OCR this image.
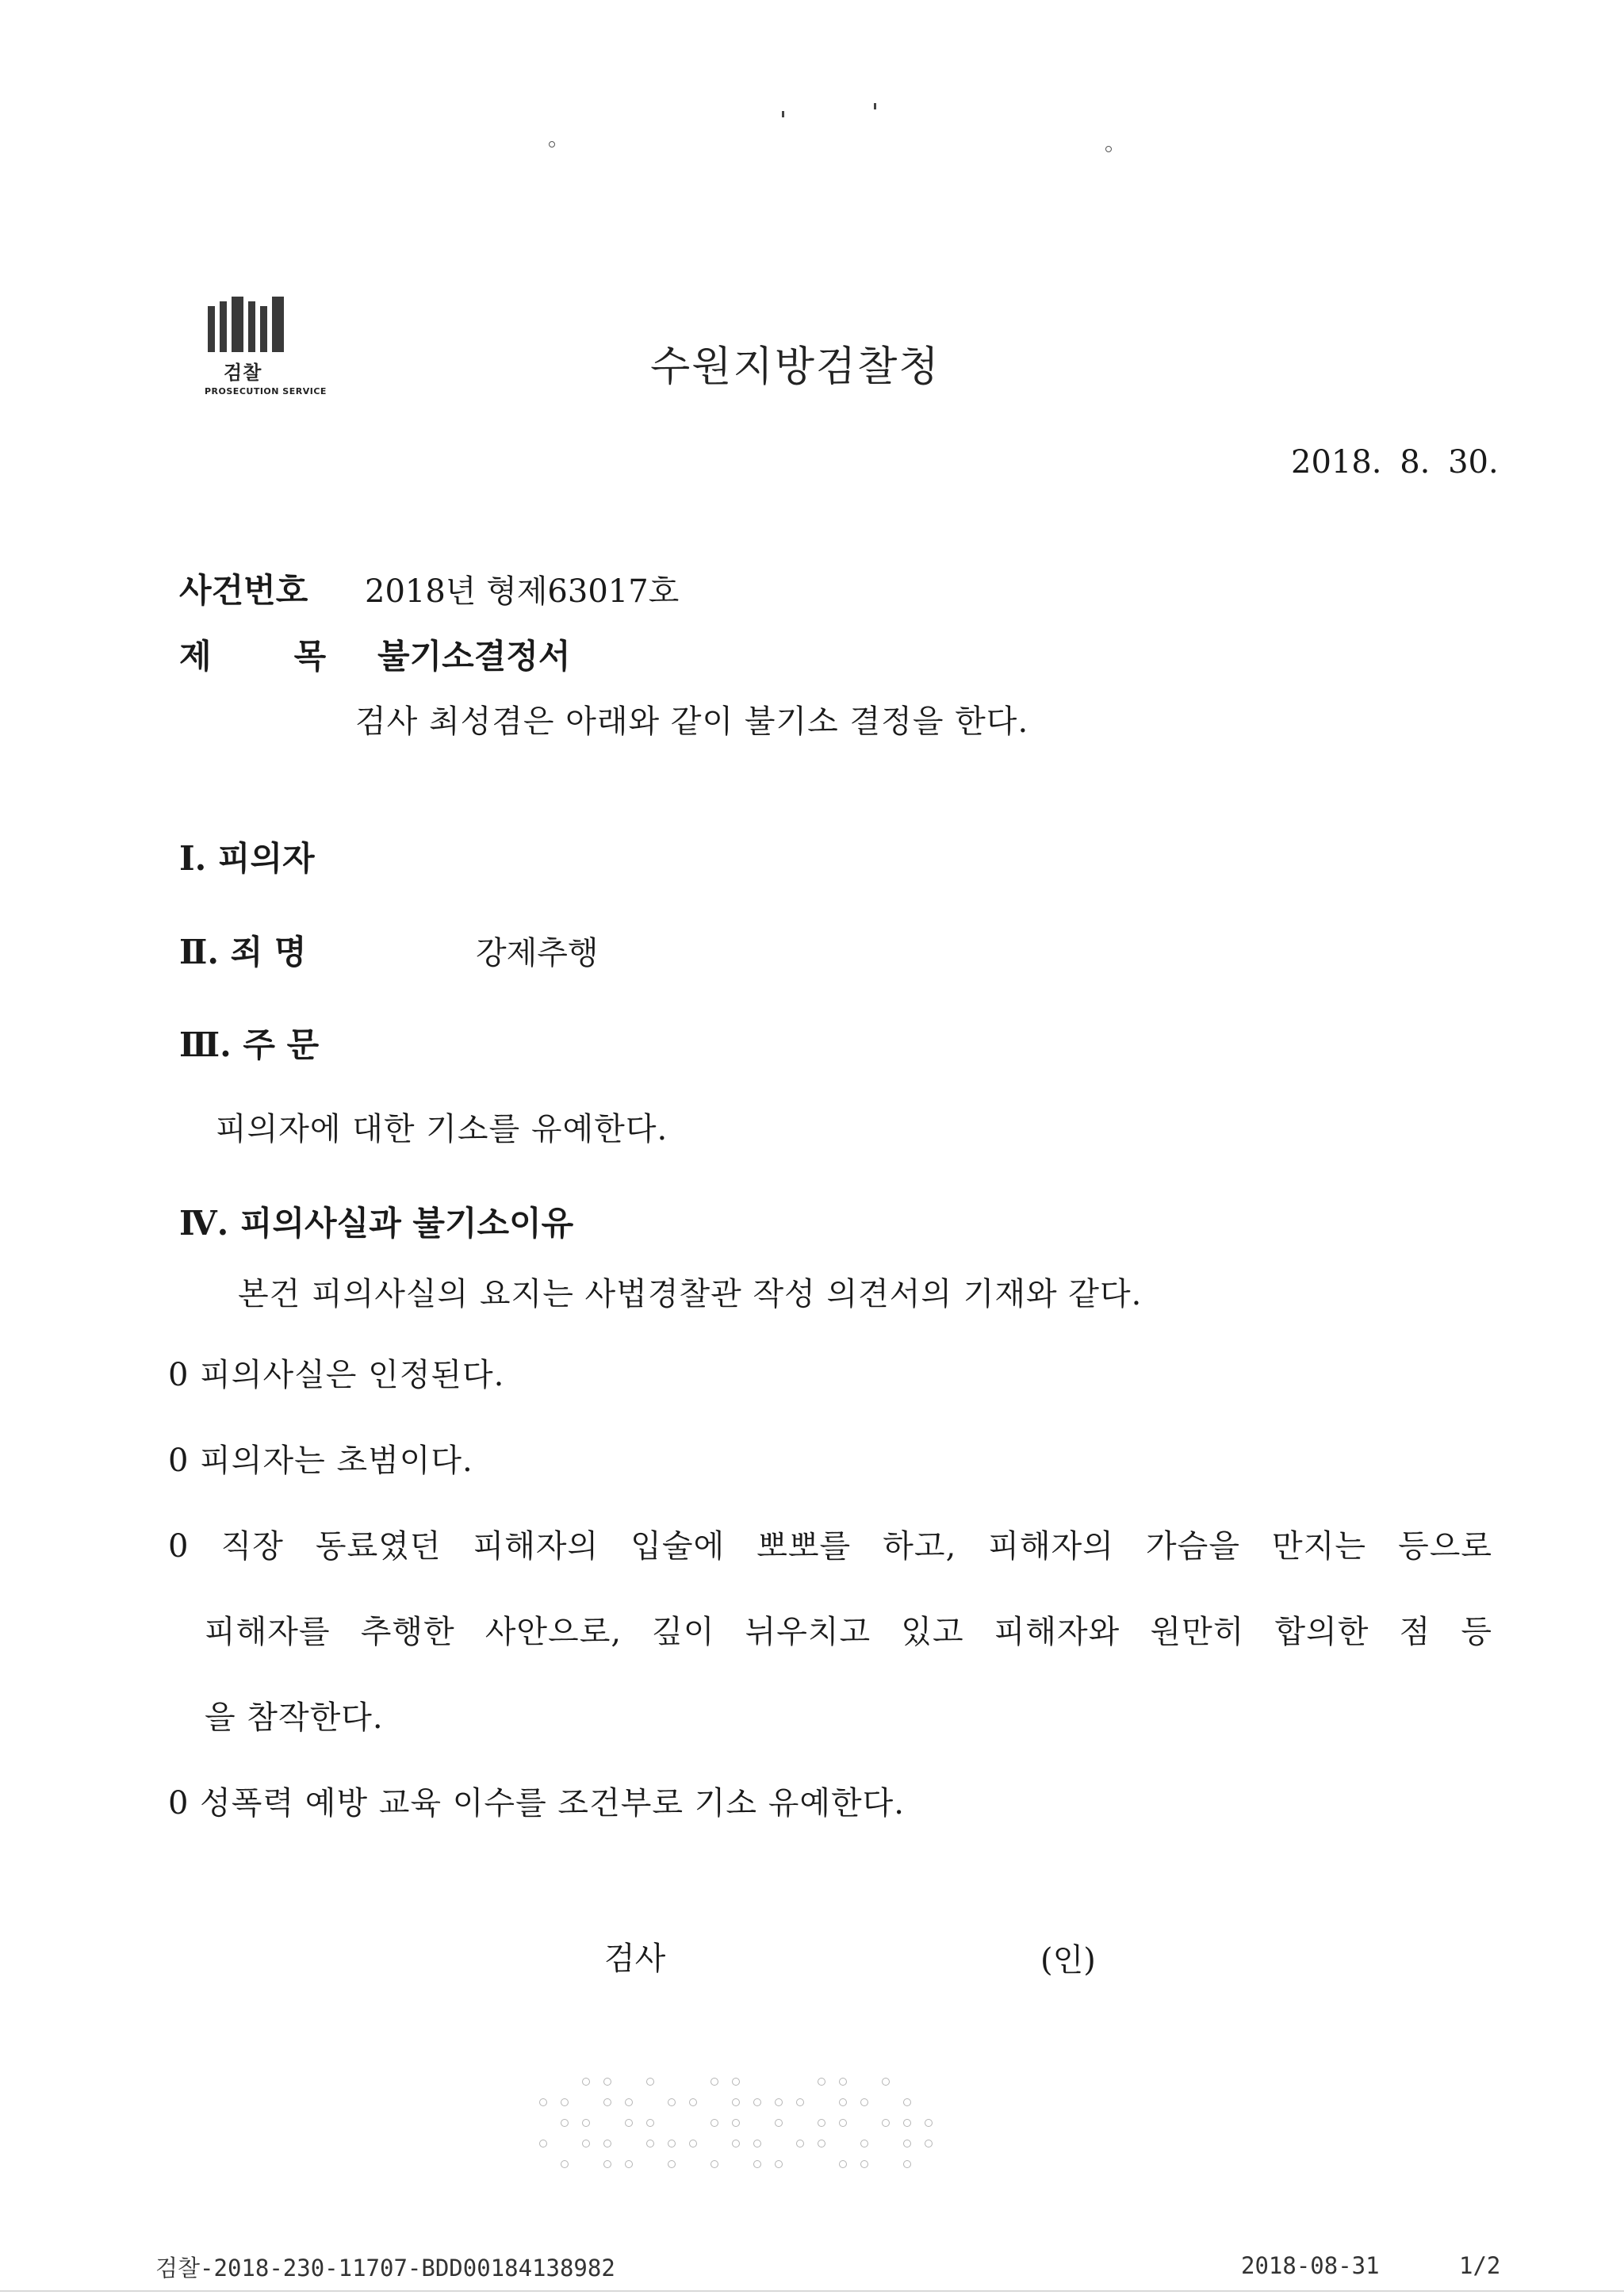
검찰
PROSECUTION SERVICE
수원지방검찰청
2018. 8. 30.
사건번호 2018년 형제63017호
제 목 불기소결정서
검사 최성겸은 아래와 같이 불기소 결정을 한다.
Ⅰ. 피의자
Ⅱ. 죄 명	강제추행
Ⅲ. 주 문
피의자에 대한 기소를 유예한다.
Ⅳ. 피의사실과 불기소이유
본건 피의사실의 요지는 사법경찰관 작성 의견서의 기재와 같다.
0 피의사실은 인정된다.
0 피의자는 초범이다.
0 직장 동료였던 피해자의 입술에 뽀뽀를 하고, 피해자의 가슴을 만지는 등으로
피해자를 추행한 사안으로, 깊이 뉘우치고 있고 피해자와 원만히 합의한 점 등
을 참작한다.
0 성폭력 예방 교육 이수를 조건부로 기소 유예한다.
검사	(인)
검찰-2018-230-11707-BDD00184138982	2018-08-31	1/2
